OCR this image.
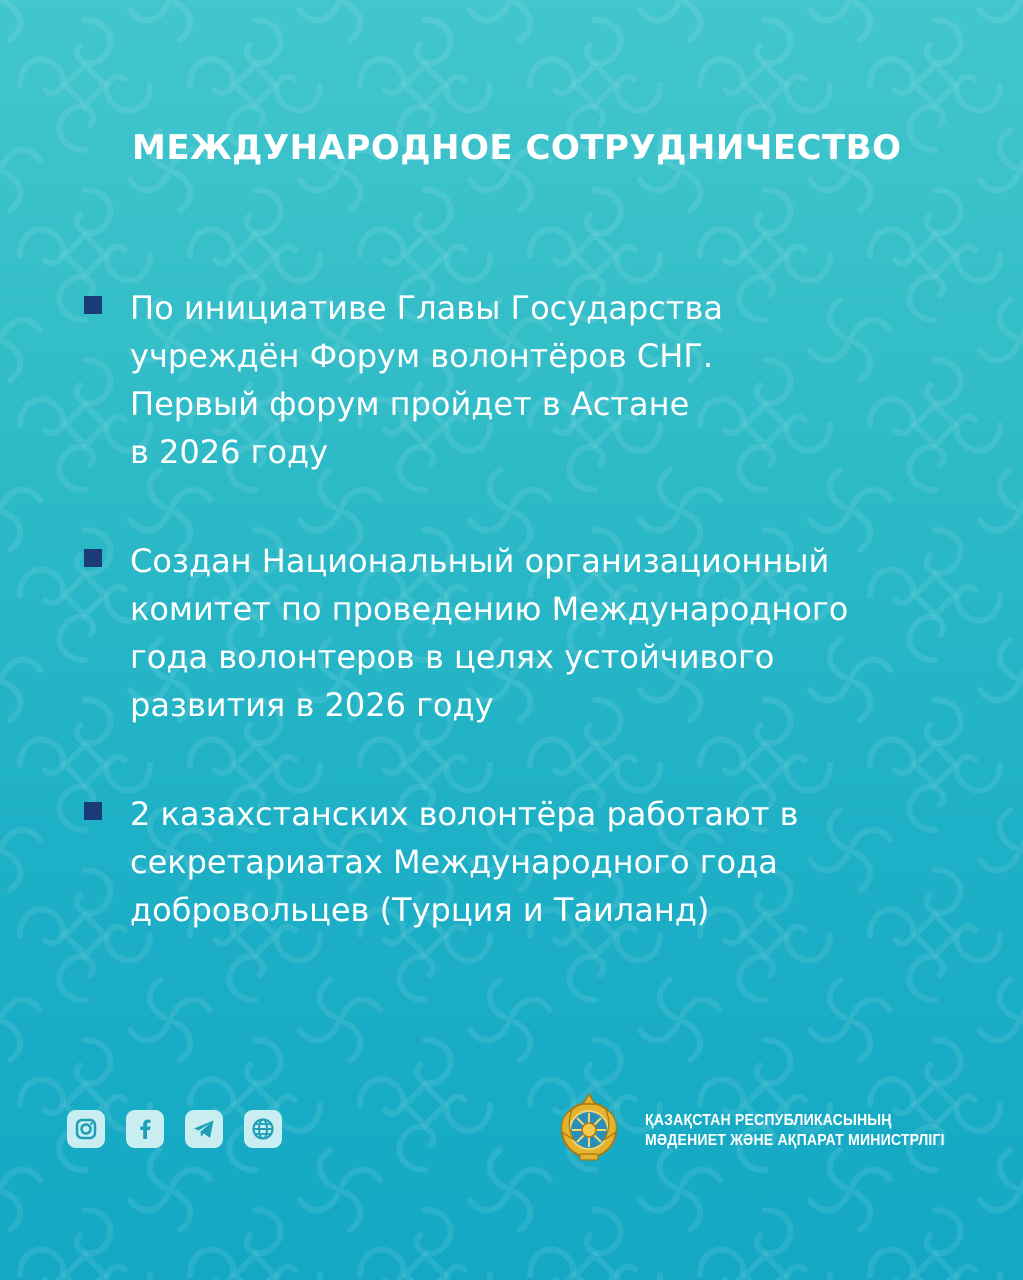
МЕЖДУНАРОДНОЕ СОТРУДНИЧЕСТВО
По инициативе Главы Государства
учреждён Форум волонтёров СНГ.
Первый форум пройдет в Астане
в 2026 году
Создан Национальный организационный
комитет по проведению Международного
года волонтеров в целях устойчивого
развития в 2026 году
2 казахстанских волонтёра работают в
секретариатах Международного года
добровольцев (Турция и Таиланд)
ҚАЗАҚСТАН РЕСПУБЛИКАСЫНЫҢ
МӘДЕНИЕТ ЖӘНЕ АҚПАРАТ МИНИСТРЛІГІ
